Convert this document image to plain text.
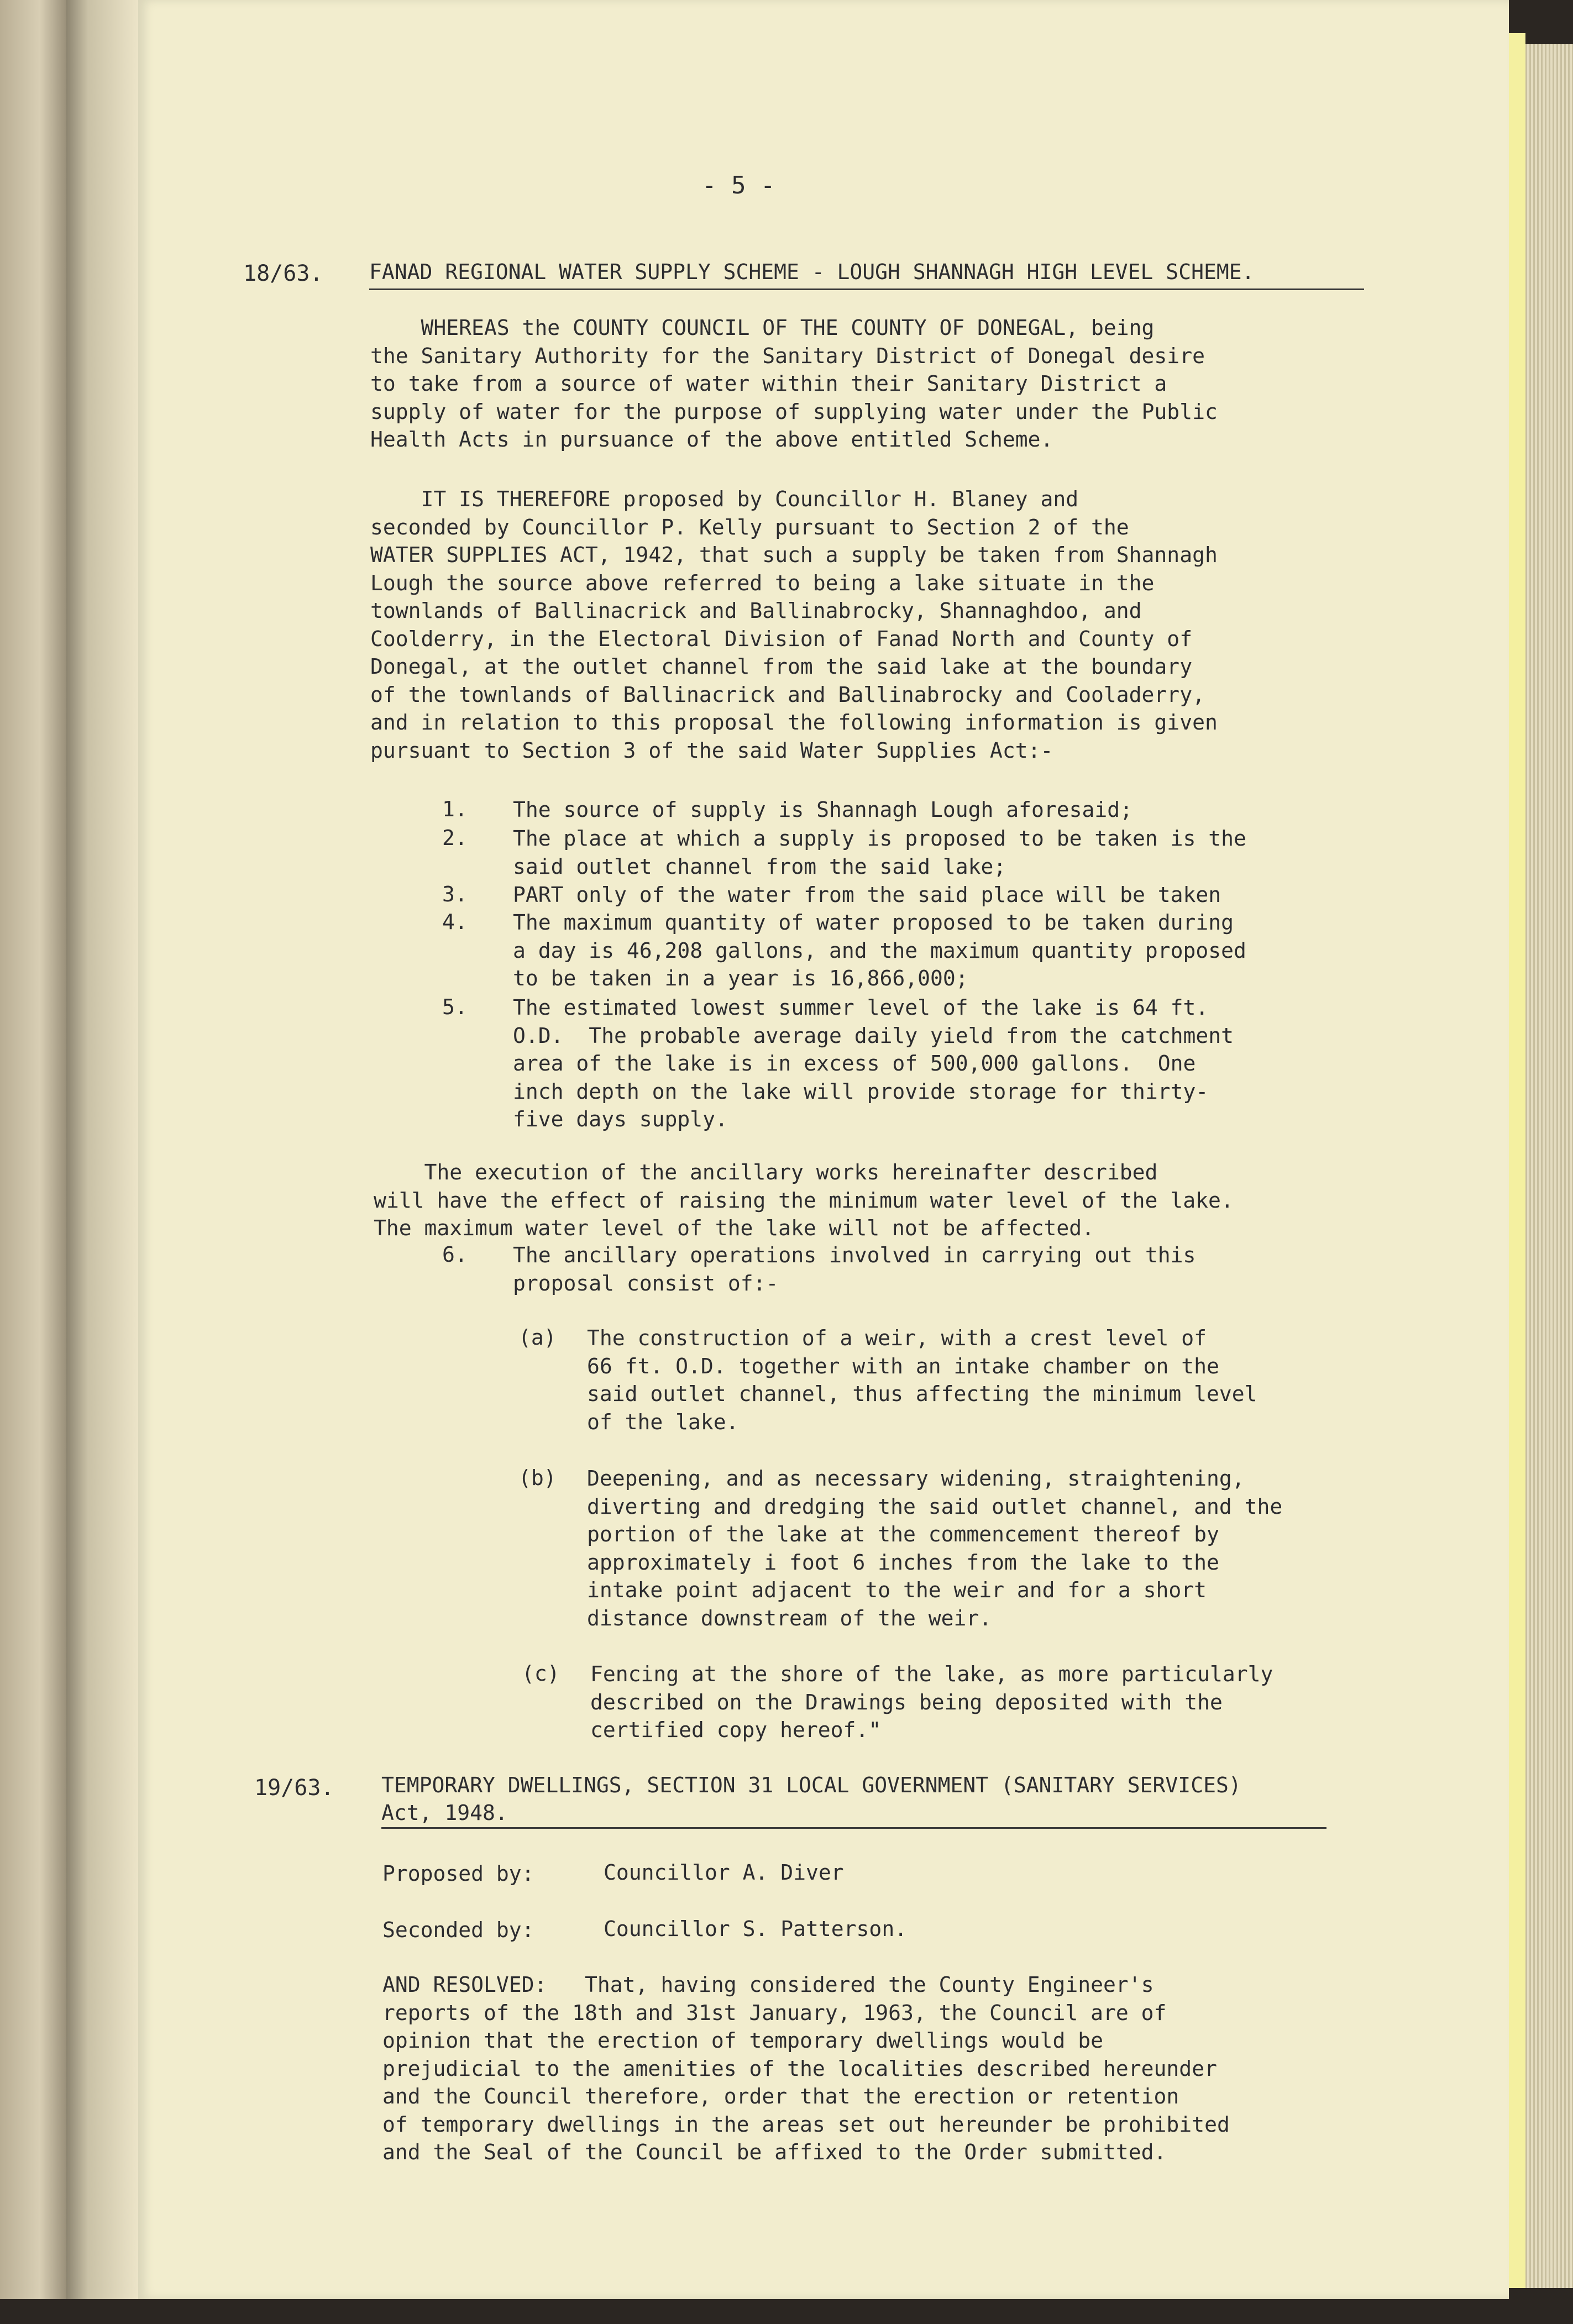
- 5 -
18/63. FANAD REGIONAL WATER SUPPLY SCHEME - LOUGH SHANNAGH HIGH LEVEL SCHEME.
WHEREAS the COUNTY COUNCIL OF THE COUNTY OF DONEGAL, being
the Sanitary Authority for the Sanitary District of Donegal desire
to take from a source of water within their Sanitary District a
supply of water for the purpose of supplying water under the Public
Health Acts in pursuance of the above entitled Scheme.
IT IS THEREFORE proposed by Councillor H. Blaney and
seconded by Councillor P. Kelly pursuant to Section 2 of the
WATER SUPPLIES ACT, 1942, that such a supply be taken from Shannagh
Lough the source above referred to being a lake situate in the
townlands of Ballinacrick and Ballinabrocky, Shannaghdoo, and
Coolderry, in the Electoral Division of Fanad North and County of
Donegal, at the outlet channel from the said lake at the boundary
of the townlands of Ballinacrick and Ballinabrocky and Cooladerry,
and in relation to this proposal the following information is given
pursuant to Section 3 of the said Water Supplies Act:-
1. The source of supply is Shannagh Lough aforesaid;
2. The place at which a supply is proposed to be taken is the
said outlet channel from the said lake;
3. PART only of the water from the said place will be taken
4. The maximum quantity of water proposed to be taken during
a day is 46,208 gallons, and the maximum quantity proposed
to be taken in a year is 16,866,000;
5. The estimated lowest summer level of the lake is 64 ft.
O.D.  The probable average daily yield from the catchment
area of the lake is in excess of 500,000 gallons.  One
inch depth on the lake will provide storage for thirty-
five days supply.
The execution of the ancillary works hereinafter described
will have the effect of raising the minimum water level of the lake.
The maximum water level of the lake will not be affected.
6. The ancillary operations involved in carrying out this
proposal consist of:-
(a) The construction of a weir, with a crest level of
66 ft. O.D. together with an intake chamber on the
said outlet channel, thus affecting the minimum level
of the lake.
(b) Deepening, and as necessary widening, straightening,
diverting and dredging the said outlet channel, and the
portion of the lake at the commencement thereof by
approximately i foot 6 inches from the lake to the
intake point adjacent to the weir and for a short
distance downstream of the weir.
(c) Fencing at the shore of the lake, as more particularly
described on the Drawings being deposited with the
certified copy hereof."
19/63. TEMPORARY DWELLINGS, SECTION 31 LOCAL GOVERNMENT (SANITARY SERVICES)
Act, 1948.
Proposed by:	Councillor A. Diver
Seconded by:	Councillor S. Patterson.
AND RESOLVED:   That, having considered the County Engineer's
reports of the 18th and 31st January, 1963, the Council are of
opinion that the erection of temporary dwellings would be
prejudicial to the amenities of the localities described hereunder
and the Council therefore, order that the erection or retention
of temporary dwellings in the areas set out hereunder be prohibited
and the Seal of the Council be affixed to the Order submitted.
